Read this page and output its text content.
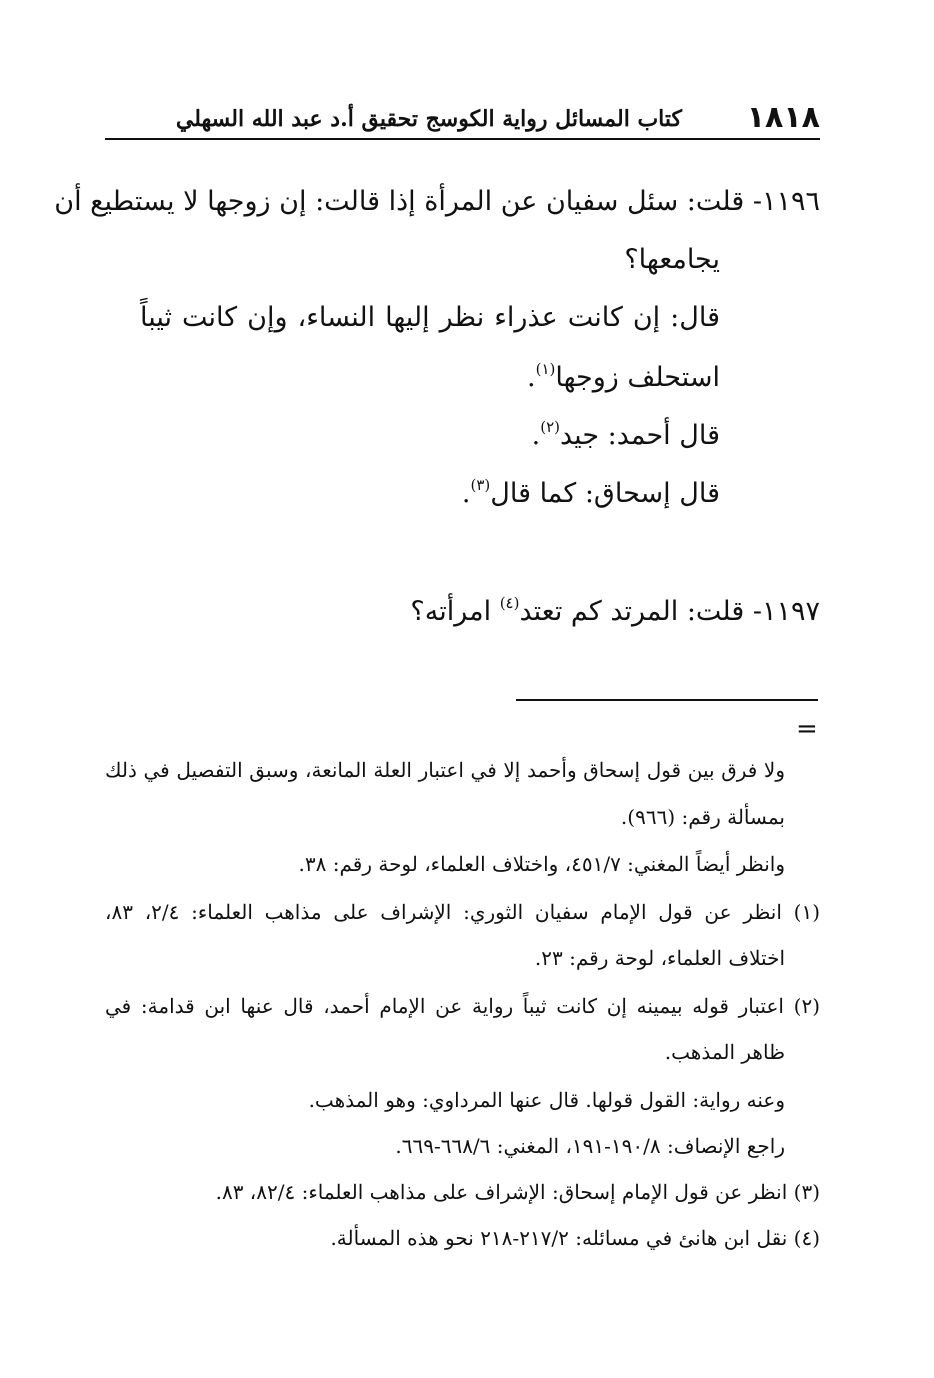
١٨١٨
كتاب المسائل رواية الكوسج تحقيق أ.د عبد الله السهلي
١١٩٦- قلت: سئل سفيان عن المرأة إذا قالت: إن زوجها لا يستطيع أن
يجامعها؟
قال: إن كانت عذراء نظر إليها النساء، وإن كانت ثيباً
استحلف زوجها$^{(١)}$.
قال أحمد: جيد$^{(٢)}$.
قال إسحاق: كما قال$^{(٣)}$.
١١٩٧- قلت: المرتد كم تعتد$^{(٤)}$ امرأته؟
=
ولا فرق بين قول إسحاق وأحمد إلا في اعتبار العلة المانعة، وسبق التفصيل في ذلك
بمسألة رقم: (٩٦٦).
وانظر أيضاً المغني: ٤٥١/٧، واختلاف العلماء، لوحة رقم: ٣٨.
(١) انظر عن قول الإمام سفيان الثوري: الإشراف على مذاهب العلماء: ٢/٤، ٨٣،
اختلاف العلماء، لوحة رقم: ٢٣.
(٢) اعتبار قوله بيمينه إن كانت ثيباً رواية عن الإمام أحمد، قال عنها ابن قدامة: في
ظاهر المذهب.
وعنه رواية: القول قولها. قال عنها المرداوي: وهو المذهب.
راجع الإنصاف: ١٩٠/٨-١٩١، المغني: ٦٦٨/٦-٦٦٩.
(٣) انظر عن قول الإمام إسحاق: الإشراف على مذاهب العلماء: ٨٢/٤، ٨٣.
(٤) نقل ابن هانئ في مسائله: ٢١٧/٢-٢١٨ نحو هذه المسألة.
